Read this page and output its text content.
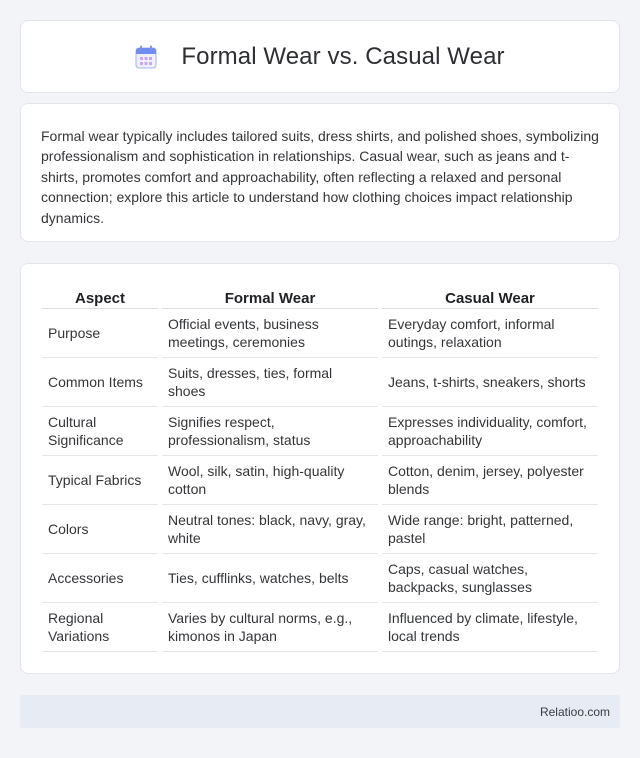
Formal Wear vs. Casual Wear

Formal wear typically includes tailored suits, dress shirts, and polished shoes, symbolizing professionalism and sophistication in relationships. Casual wear, such as jeans and t-shirts, promotes comfort and approachability, often reflecting a relaxed and personal connection; explore this article to understand how clothing choices impact relationship dynamics.

Aspect	Formal Wear	Casual Wear
Purpose	Official events, business meetings, ceremonies	Everyday comfort, informal outings, relaxation
Common Items	Suits, dresses, ties, formal shoes	Jeans, t-shirts, sneakers, shorts
Cultural Significance	Signifies respect, professionalism, status	Expresses individuality, comfort, approachability
Typical Fabrics	Wool, silk, satin, high-quality cotton	Cotton, denim, jersey, polyester blends
Colors	Neutral tones: black, navy, gray, white	Wide range: bright, patterned, pastel
Accessories	Ties, cufflinks, watches, belts	Caps, casual watches, backpacks, sunglasses
Regional Variations	Varies by cultural norms, e.g., kimonos in Japan	Influenced by climate, lifestyle, local trends
Relatioo.com
